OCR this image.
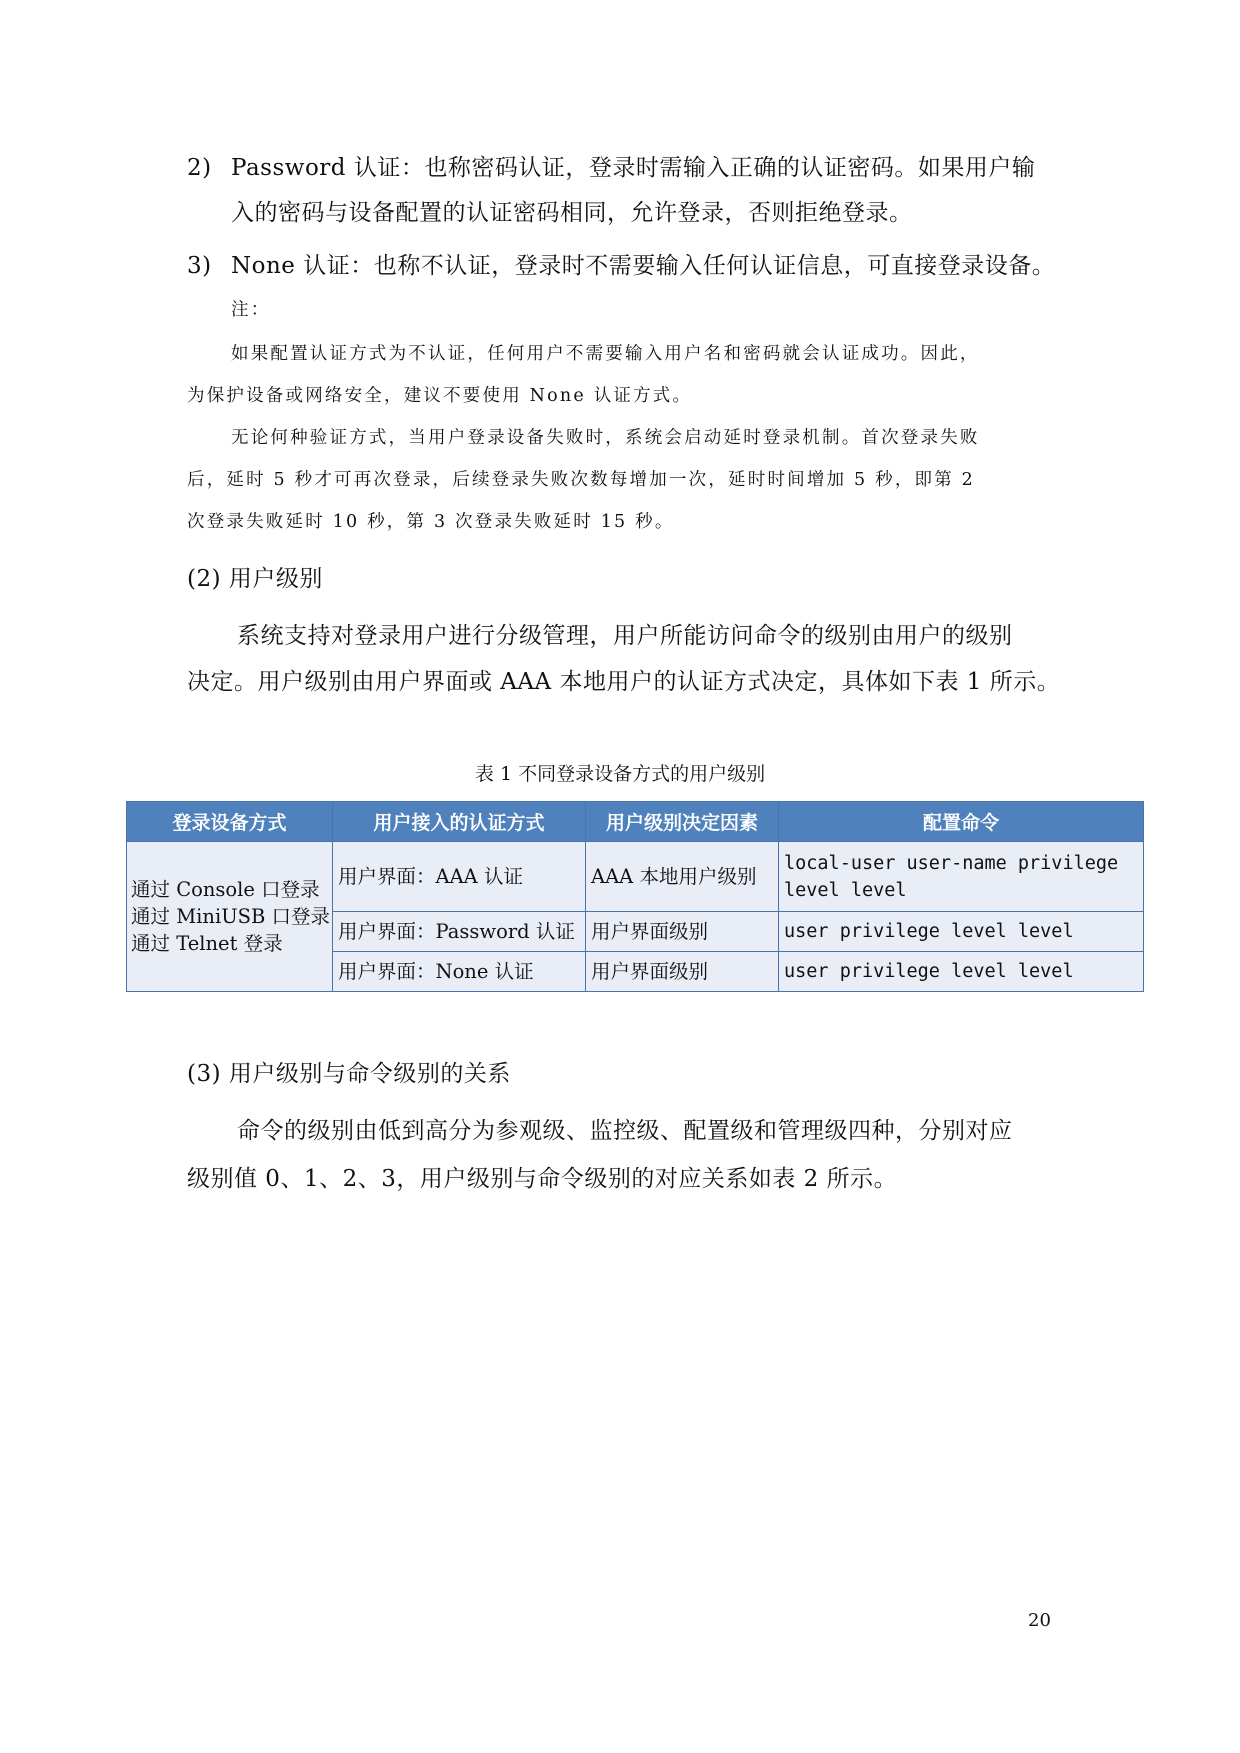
2) Password 认证：也称密码认证，登录时需输入正确的认证密码。如果用户输
入的密码与设备配置的认证密码相同，允许登录，否则拒绝登录。
3) None 认证：也称不认证，登录时不需要输入任何认证信息，可直接登录设备。
注：
如果配置认证方式为不认证，任何用户不需要输入用户名和密码就会认证成功。因此，
为保护设备或网络安全，建议不要使用 None 认证方式。
无论何种验证方式，当用户登录设备失败时，系统会启动延时登录机制。首次登录失败
后，延时 5 秒才可再次登录，后续登录失败次数每增加一次，延时时间增加 5 秒，即第 2
次登录失败延时 10 秒，第 3 次登录失败延时 15 秒。
(2) 用户级别
系统支持对登录用户进行分级管理，用户所能访问命令的级别由用户的级别
决定。用户级别由用户界面或 AAA 本地用户的认证方式决定，具体如下表 1 所示。
表 1 不同登录设备方式的用户级别
登录设备方式	用户接入的认证方式	用户级别决定因素	配置命令

通过 Console 口登录
通过 MiniUSB 口登录
通过 Telnet 登录	用户界面：AAA 认证	AAA 本地用户级别	local-user user-name privilege level level
	用户界面：Password 认证	用户界面级别	user privilege level level
	用户界面：None 认证	用户界面级别	user privilege level level
(3) 用户级别与命令级别的关系
命令的级别由低到高分为参观级、监控级、配置级和管理级四种，分别对应
级别值 0、1、2、3，用户级别与命令级别的对应关系如表 2 所示。
20
